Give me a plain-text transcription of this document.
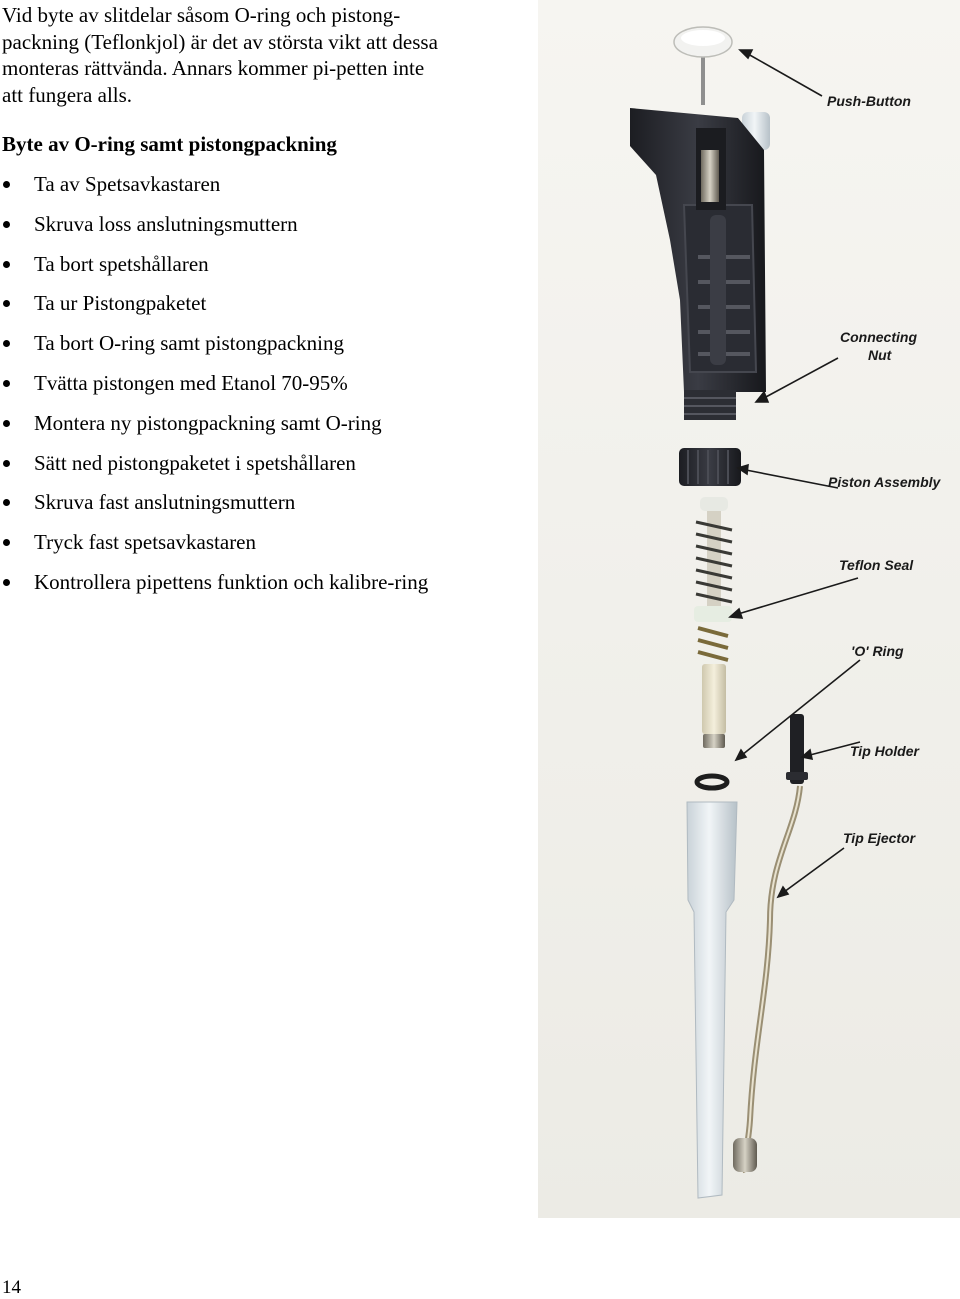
Vid byte av slitdelar såsom O-ring och pistong-packning (Teflonkjol) är det av största vikt att dessa monteras rättvända. Annars kommer pi-petten inte att fungera alls.

Byte av O-ring samt pistongpackning
Ta av Spetsavkastaren
Skruva loss anslutningsmuttern
Ta bort spetshållaren
Ta ur Pistongpaketet
Ta bort O-ring samt pistongpackning
Tvätta pistongen med Etanol 70-95%
Montera ny pistongpackning samt O-ring
Sätt ned pistongpaketet i spetshållaren
Skruva fast anslutningsmuttern
Tryck fast spetsavkastaren
Kontrollera pipettens funktion och kalibre-ring
Push-Button
Connecting
Nut
Piston Assembly
Teflon Seal
'O' Ring
Tip Holder
Tip Ejector

14
